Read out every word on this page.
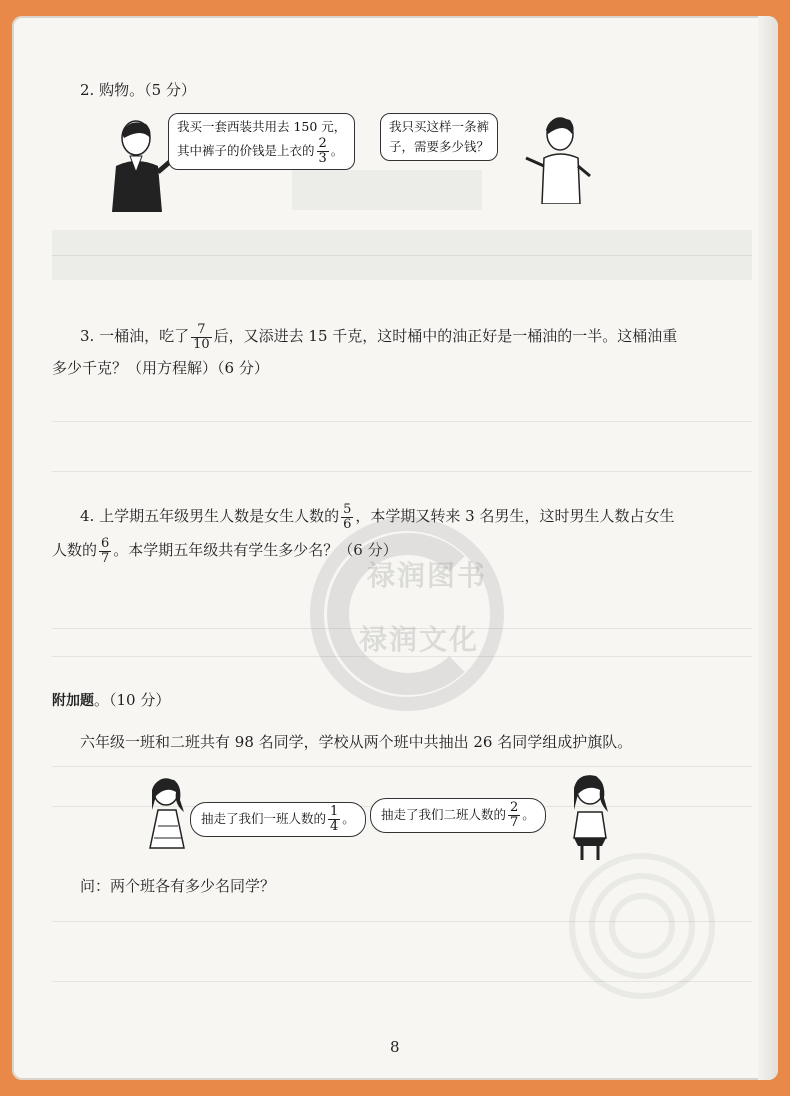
2. 购物。（5 分）
我买一套西装共用去 150 元，
其中裤子的价钱是上衣的 $\frac{2}{3}$ 。
我只买这样一条裤
子，需要多少钱？
3. 一桶油，吃了 $\frac{7}{10}$ 后，又添进去 15 千克，这时桶中的油正好是一桶油的一半。这桶油重
多少千克？（用方程解）（6 分）
4. 上学期五年级男生人数是女生人数的 $\frac{5}{6}$ ，本学期又转来 3 名男生，这时男生人数占女生
人数的 $\frac{6}{7}$ 。本学期五年级共有学生多少名？（6 分）
禄润图书
禄润文化
附加题。（10 分）
六年级一班和二班共有 98 名同学，学校从两个班中共抽出 26 名同学组成护旗队。
抽走了我们一班人数的 $\frac{1}{4}$ 。	抽走了我们二班人数的 $\frac{2}{7}$ 。
问：两个班各有多少名同学？
8
